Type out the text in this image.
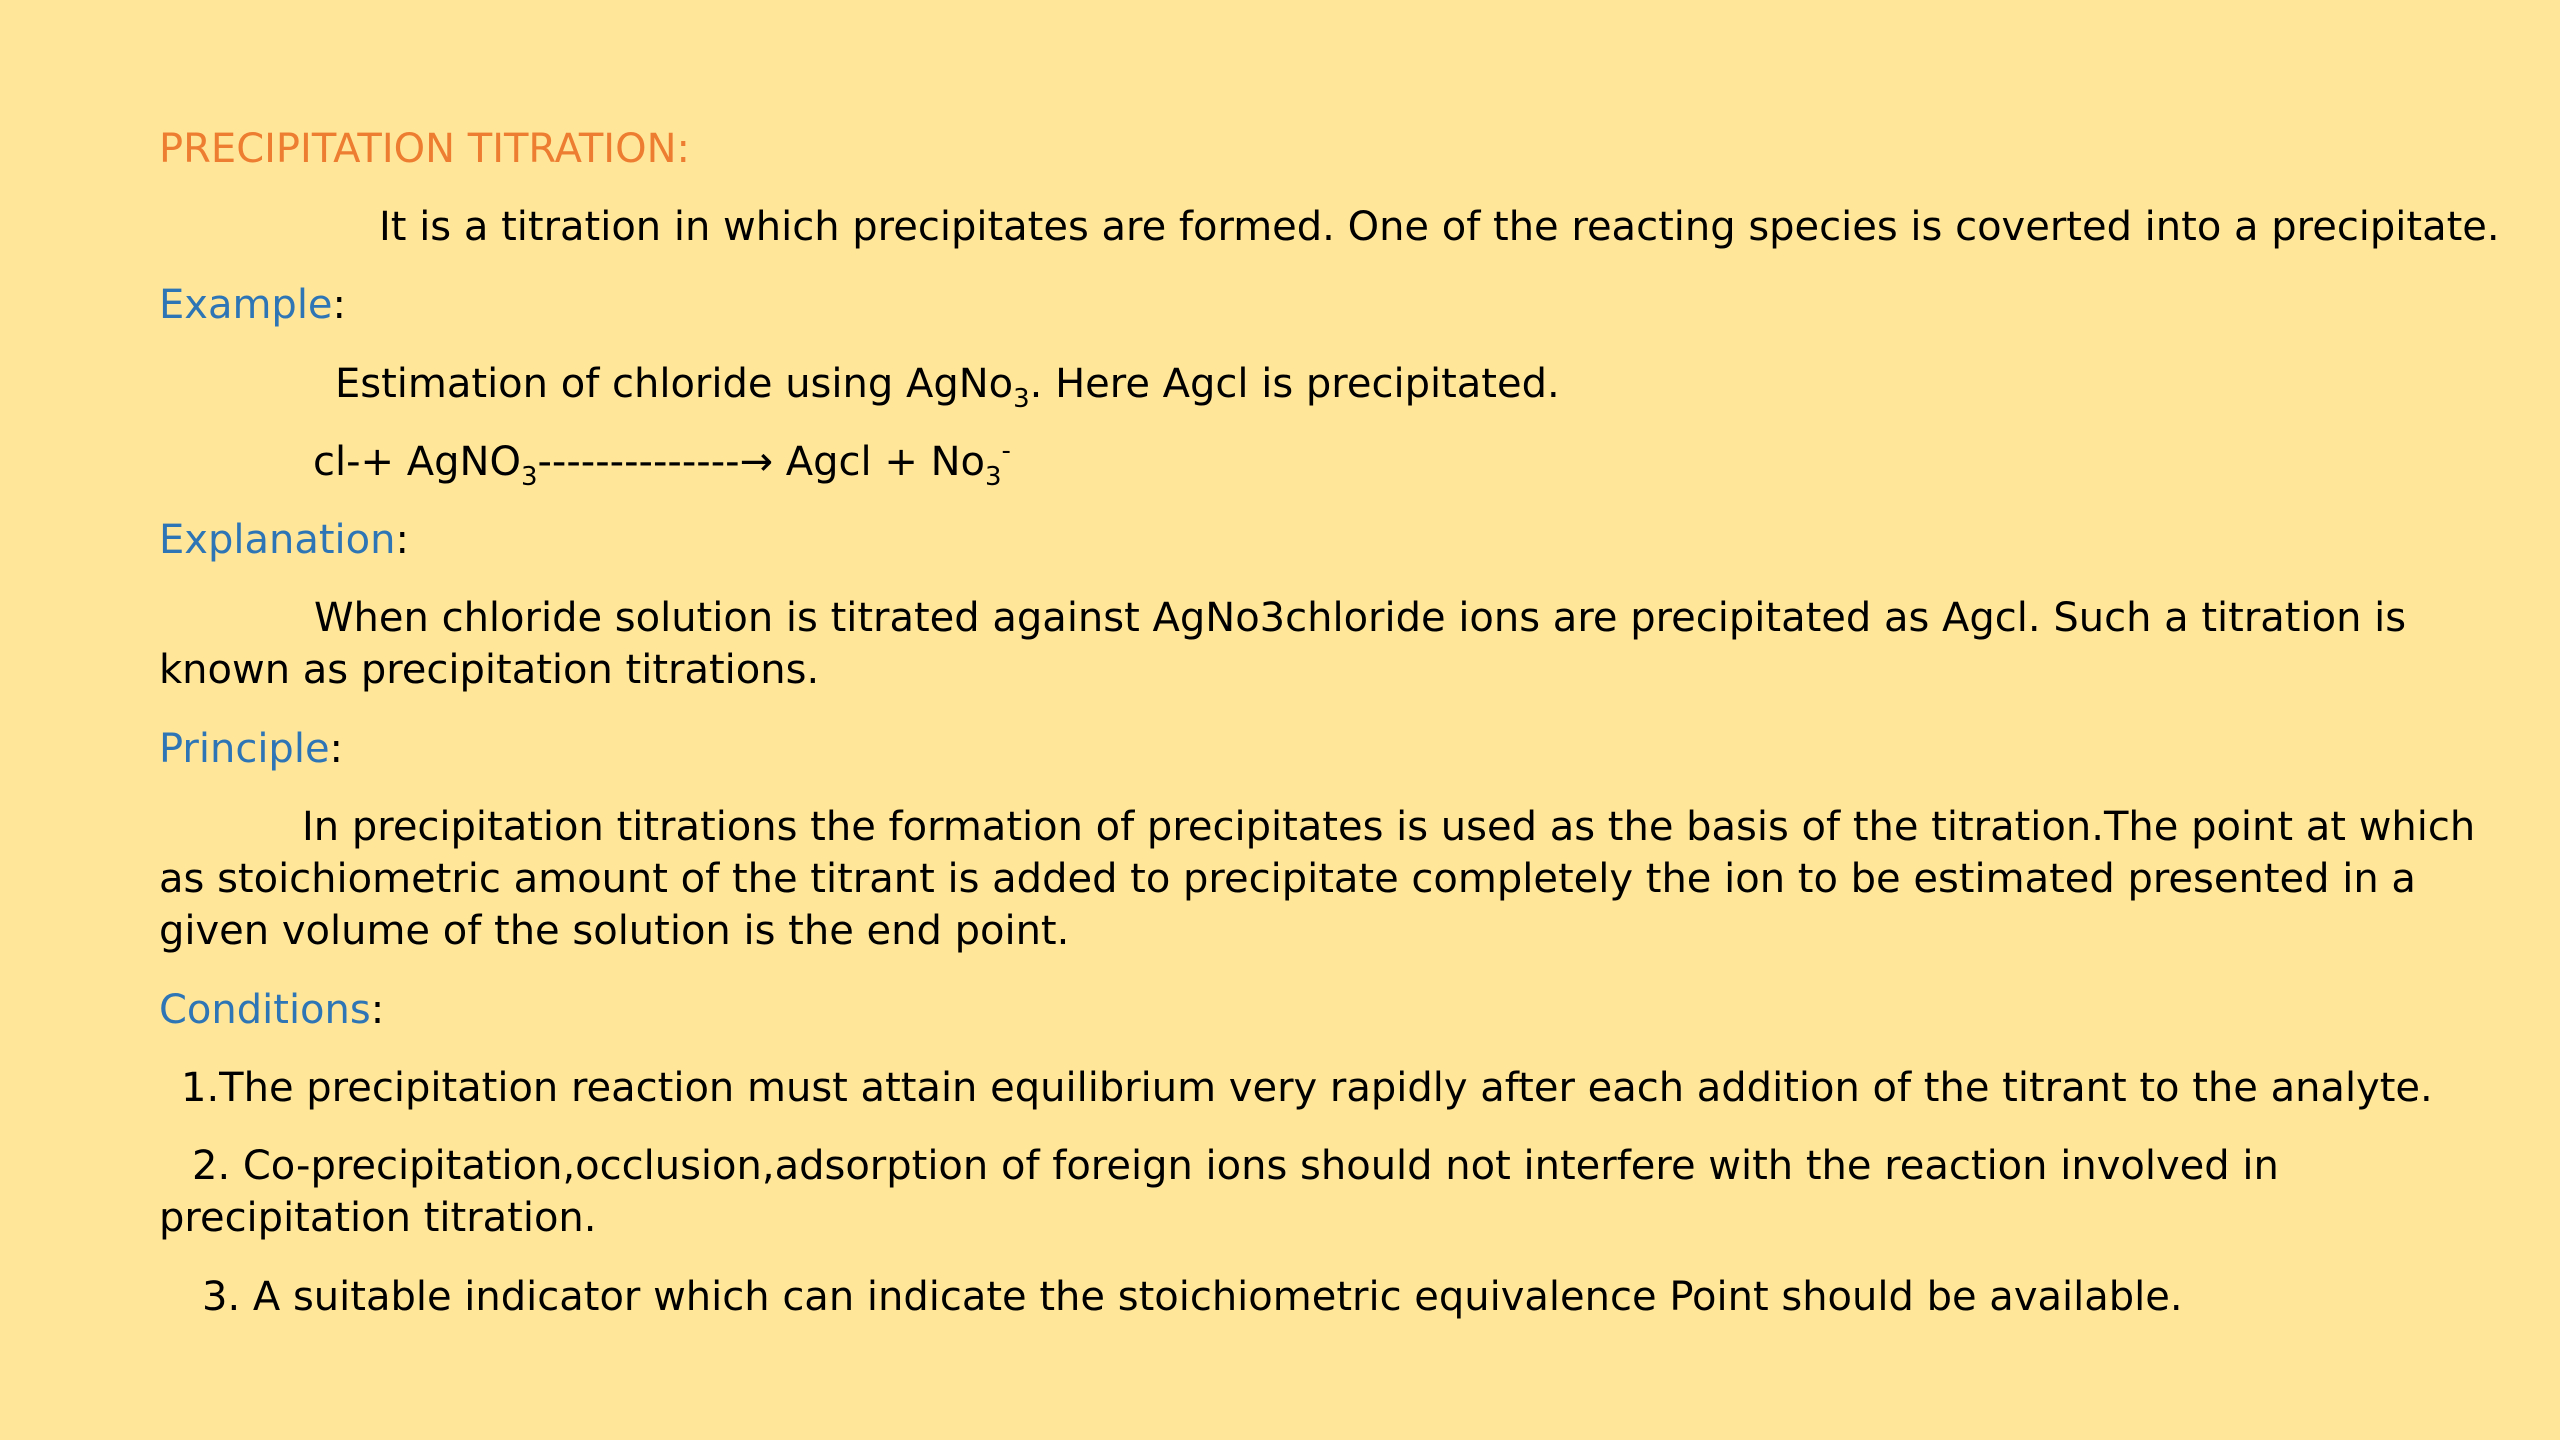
PRECIPITATION TITRATION:
It is a titration in which precipitates are formed. One of the reacting species is coverted into a precipitate.
Example:
Estimation of chloride using AgNo$_3$. Here Agcl is precipitated.
cl-+ AgNO$_3$--------------→ Agcl + $No_3^-$
Explanation:
When chloride solution is titrated against AgNo3chloride ions are precipitated as Agcl. Such a titration is known as precipitation titrations.
Principle:
In precipitation titrations the formation of precipitates is used as the basis of the titration.The point at which as stoichiometric amount of the titrant is added to precipitate completely the ion to be estimated presented in a given volume of the solution is the end point.
Conditions:
1.The precipitation reaction must attain equilibrium very rapidly after each addition of the titrant to the analyte.
2. Co-precipitation,occlusion,adsorption of foreign ions should not interfere with the reaction involved in precipitation titration.
3. A suitable indicator which can indicate the stoichiometric equivalence Point should be available.
